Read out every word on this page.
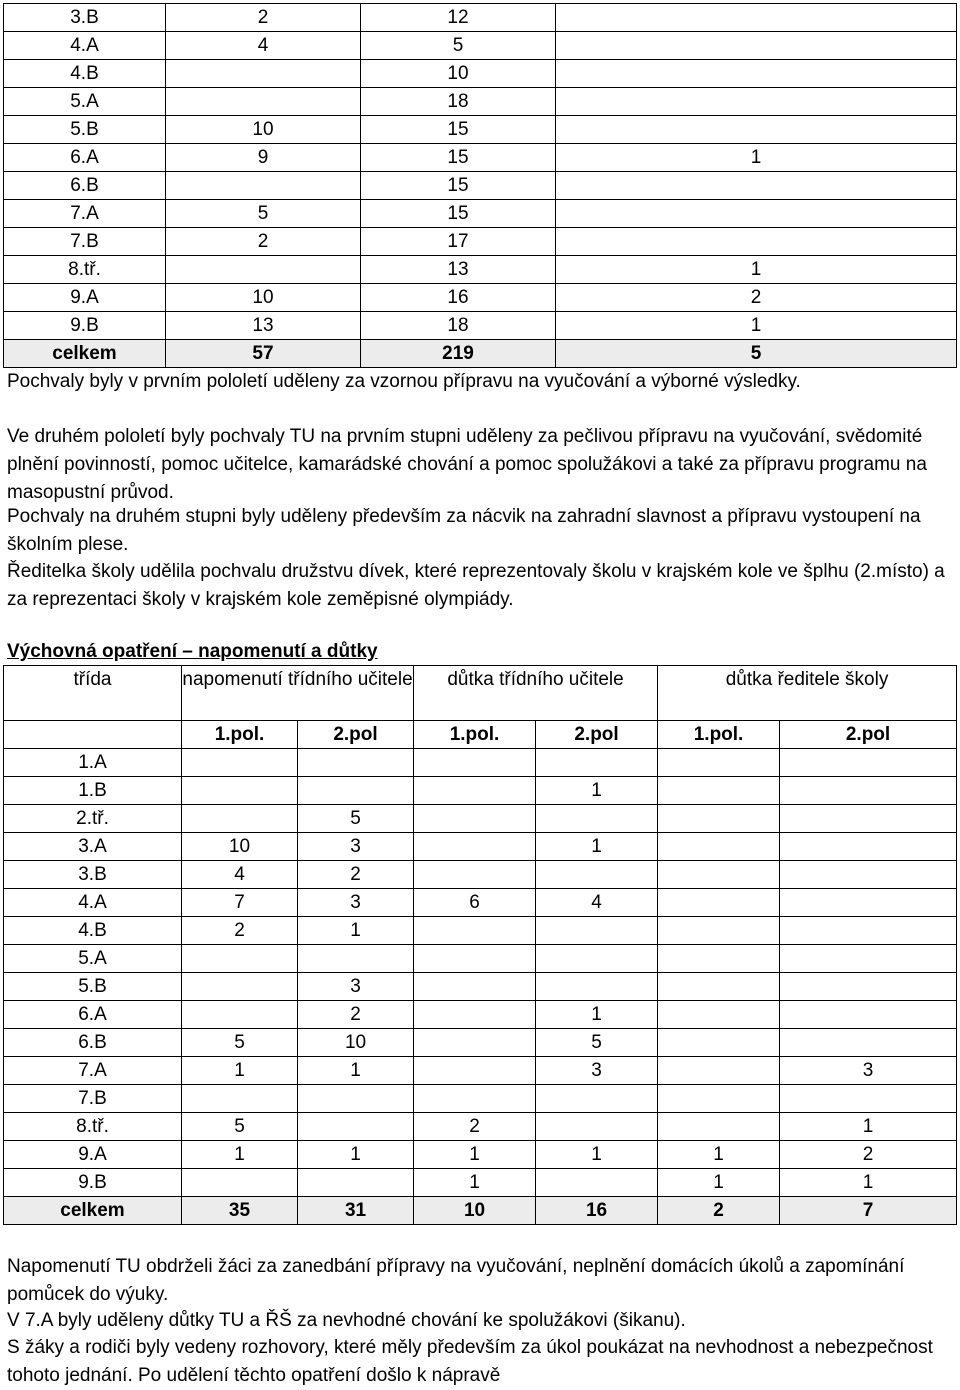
3.B	2	12	
4.A	4	5	
4.B		10	
5.A		18	
5.B	10	15	
6.A	9	15	1
6.B		15	
7.A	5	15	
7.B	2	17	
8.tř.		13	1
9.A	10	16	2
9.B	13	18	1
celkem	57	219	5

Pochvaly byly v prvním pololetí uděleny za vzornou přípravu na vyučování a výborné výsledky.

Ve druhém pololetí byly pochvaly TU na prvním stupni uděleny za pečlivou přípravu na vyučování, svědomité plnění povinností, pomoc učitelce, kamarádské chování a pomoc spolužákovi a také za přípravu programu na masopustní průvod.

Pochvaly na druhém stupni byly uděleny především za nácvik na zahradní slavnost a přípravu vystoupení na školním plese.

Ředitelka školy udělila pochvalu družstvu dívek, které reprezentovaly školu v krajském kole ve šplhu (2.místo) a za reprezentaci školy v krajském kole zeměpisné olympiády.

Výchovná opatření – napomenutí a důtky
třída	napomenutí třídního učitele		důtka třídního učitele		důtka ředitele školy	
	1.pol.	2.pol	1.pol.	2.pol	1.pol.	2.pol
1.A						
1.B				1		
2.tř.		5				
3.A	10	3		1		
3.B	4	2				
4.A	7	3	6	4		
4.B	2	1				
5.A						
5.B		3				
6.A		2		1		
6.B	5	10		5		
7.A	1	1		3		3
7.B						
8.tř.	5		2			1
9.A	1	1	1	1	1	2
9.B			1		1	1
celkem	35	31	10	16	2	7

Napomenutí TU obdrželi žáci za zanedbání přípravy na vyučování, neplnění domácích úkolů a zapomínání pomůcek do výuky.

V 7.A byly uděleny důtky TU a ŘŠ za nevhodné chování ke spolužákovi (šikanu).

S žáky a rodiči byly vedeny rozhovory, které měly především za úkol poukázat na nevhodnost a nebezpečnost tohoto jednání. Po udělení těchto opatření došlo k nápravě
